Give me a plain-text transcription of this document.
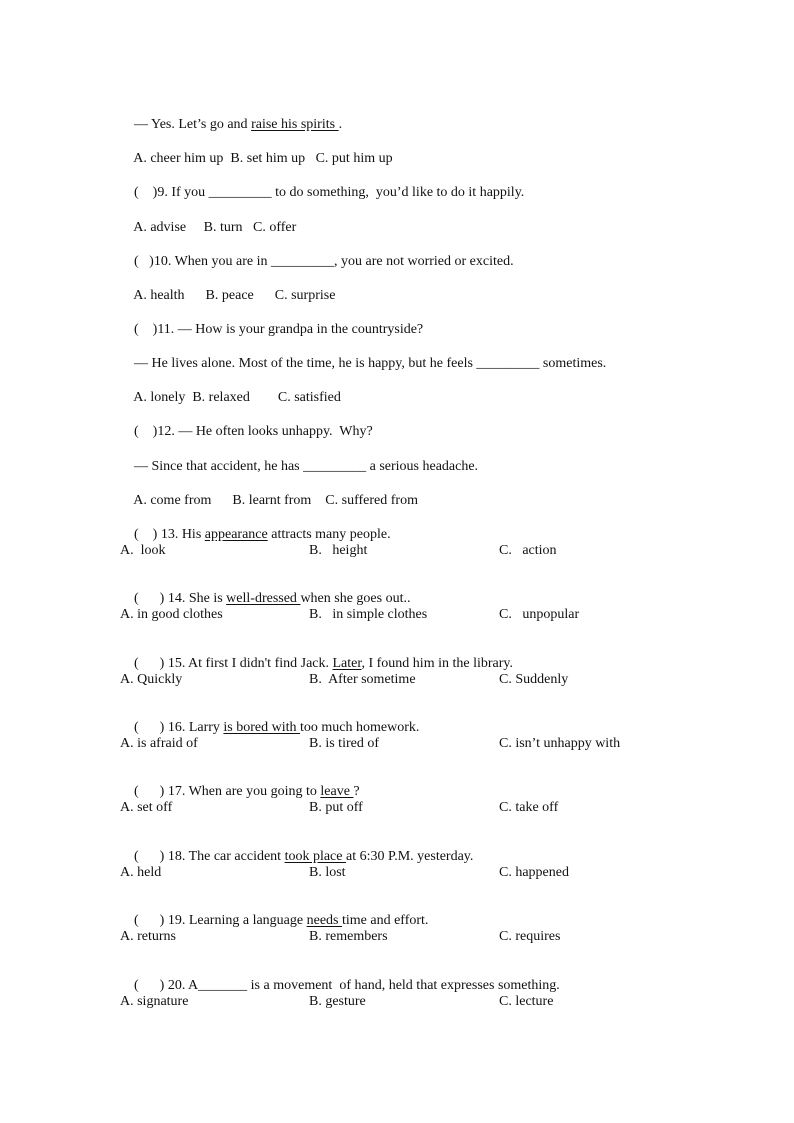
— Yes. Let’s go and raise his spirits .

A. cheer him up  B. set him up   C. put him up

(    )9. If you _________ to do something,  you’d like to do it happily.

A. advise     B. turn   C. offer

(   )10. When you are in _________, you are not worried or excited.

A. health      B. peace      C. surprise

(    )11. — How is your grandpa in the countryside?

— He lives alone. Most of the time, he is happy, but he feels _________ sometimes.

A. lonely  B. relaxed        C. satisfied

(    )12. — He often looks unhappy.  Why?

— Since that accident, he has _________ a serious headache.

A. come from      B. learnt from    C. suffered from

(    ) 13. His appearance attracts many people.

A.  look	B.   height	C.   action

(      ) 14. She is well-dressed when she goes out..

A. in good clothes	B.   in simple clothes	C.   unpopular

(      ) 15. At first I didn't find Jack. Later, I found him in the library.

A. Quickly	B.  After sometime	C. Suddenly

(      ) 16. Larry is bored with too much homework.

A. is afraid of	B. is tired of	C. isn’t unhappy with

(      ) 17. When are you going to leave ?

A. set off	B. put off	C. take off

(      ) 18. The car accident took place at 6:30 P.M. yesterday.

A. held	B. lost	C. happened

(      ) 19. Learning a language needs time and effort.

A. returns	B. remembers	C. requires

(      ) 20. A_______ is a movement  of hand, held that expresses something.

A. signature	B. gesture	C. lecture
